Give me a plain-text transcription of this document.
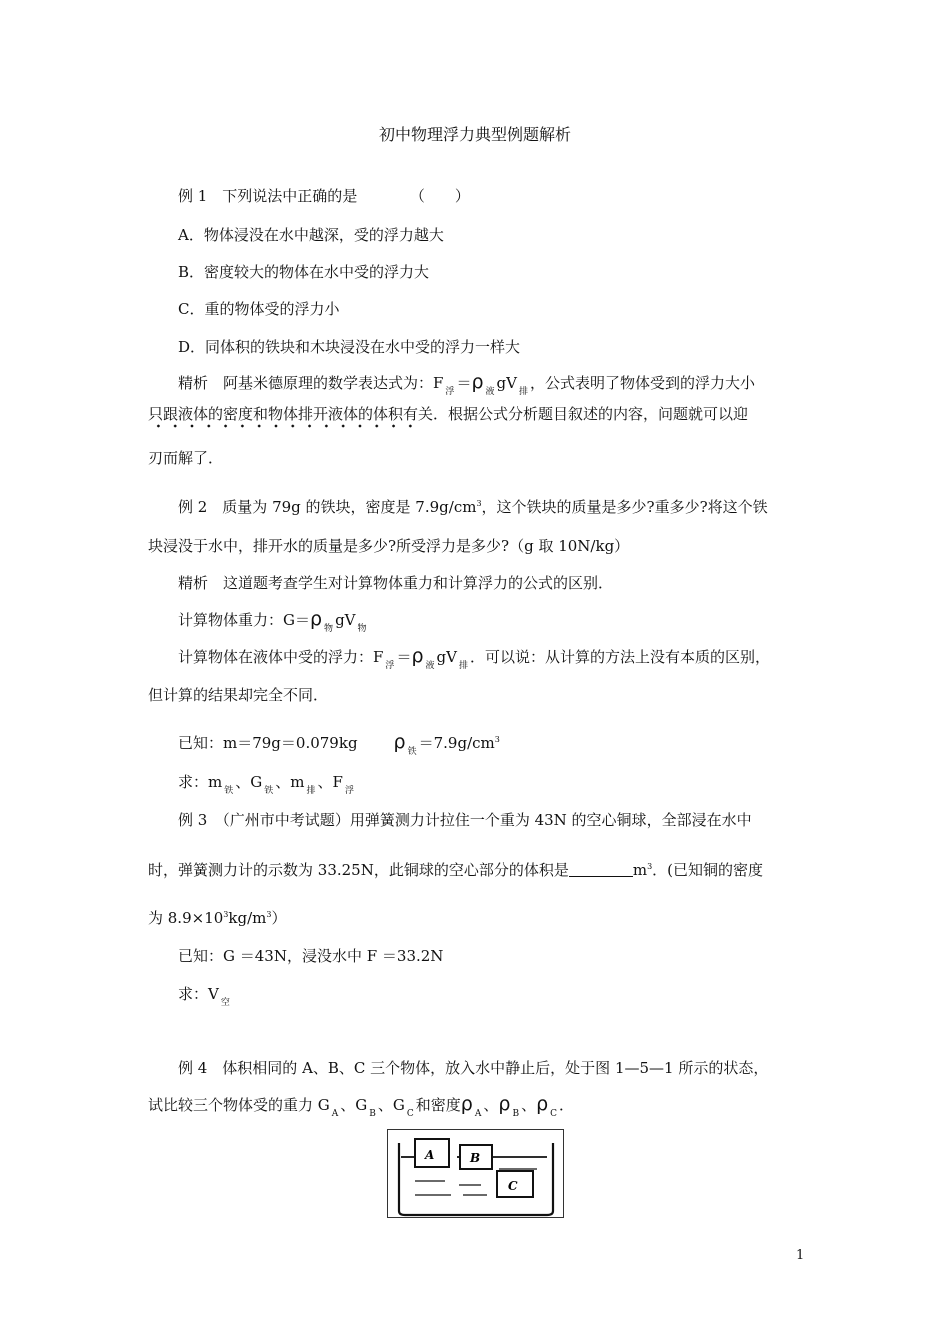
初中物理浮力典型例题解析
例 1　下列说法中正确的是　　　　（　　）
A．物体浸没在水中越深，受的浮力越大
B．密度较大的物体在水中受的浮力大
C．重的物体受的浮力小
D．同体积的铁块和木块浸没在水中受的浮力一样大
精析　阿基米德原理的数学表达式为：F $_浮$ ＝ρ $_液$ gV $_排$ ，公式表明了物体受到的浮力大小
只跟液体的密度和物体排开液体的体积有关．根据公式分析题目叙述的内容，问题就可以迎
刃而解了．
例 2　质量为 79g 的铁块，密度是 $7.9g/cm^3$，这个铁块的质量是多少?重多少?将这个铁
块浸没于水中，排开水的质量是多少?所受浮力是多少?（g 取 10N/kg）
精析　这道题考查学生对计算物体重力和计算浮力的公式的区别．
计算物体重力：G＝ρ $_物$ gV $_物$
计算物体在液体中受的浮力：F $_浮$ ＝ρ $_液$ gV $_排$ ．可以说：从计算的方法上没有本质的区别，
但计算的结果却完全不同．
已知：m＝79g＝0.079kg ρ $_铁 =7.9g/cm^3$
求：m $_铁$ 、G $_铁$ 、m $_排$ 、F $_浮$
例 3　（广州市中考试题）用弹簧测力计拉住一个重为 43N 的空心铜球，全部浸在水中
时，弹簧测力计的示数为 33.25N，此铜球的空心部分的体积是	$m^3$．(已知铜的密度
为 $8.9\times 10^3kg/m^3$）
已知：G ＝43N，浸没水中 F ＝33.2N
求：V $_空$
例 4　体积相同的 A、B、C 三个物体，放入水中静止后，处于图 1—5—1 所示的状态，
试比较三个物体受的重力 G $_A$ 、G $_B$ 、G $_C$ 和密度ρ $_A$ 、ρ $_B$ 、ρ $_C$ ．
A	B
C
1
